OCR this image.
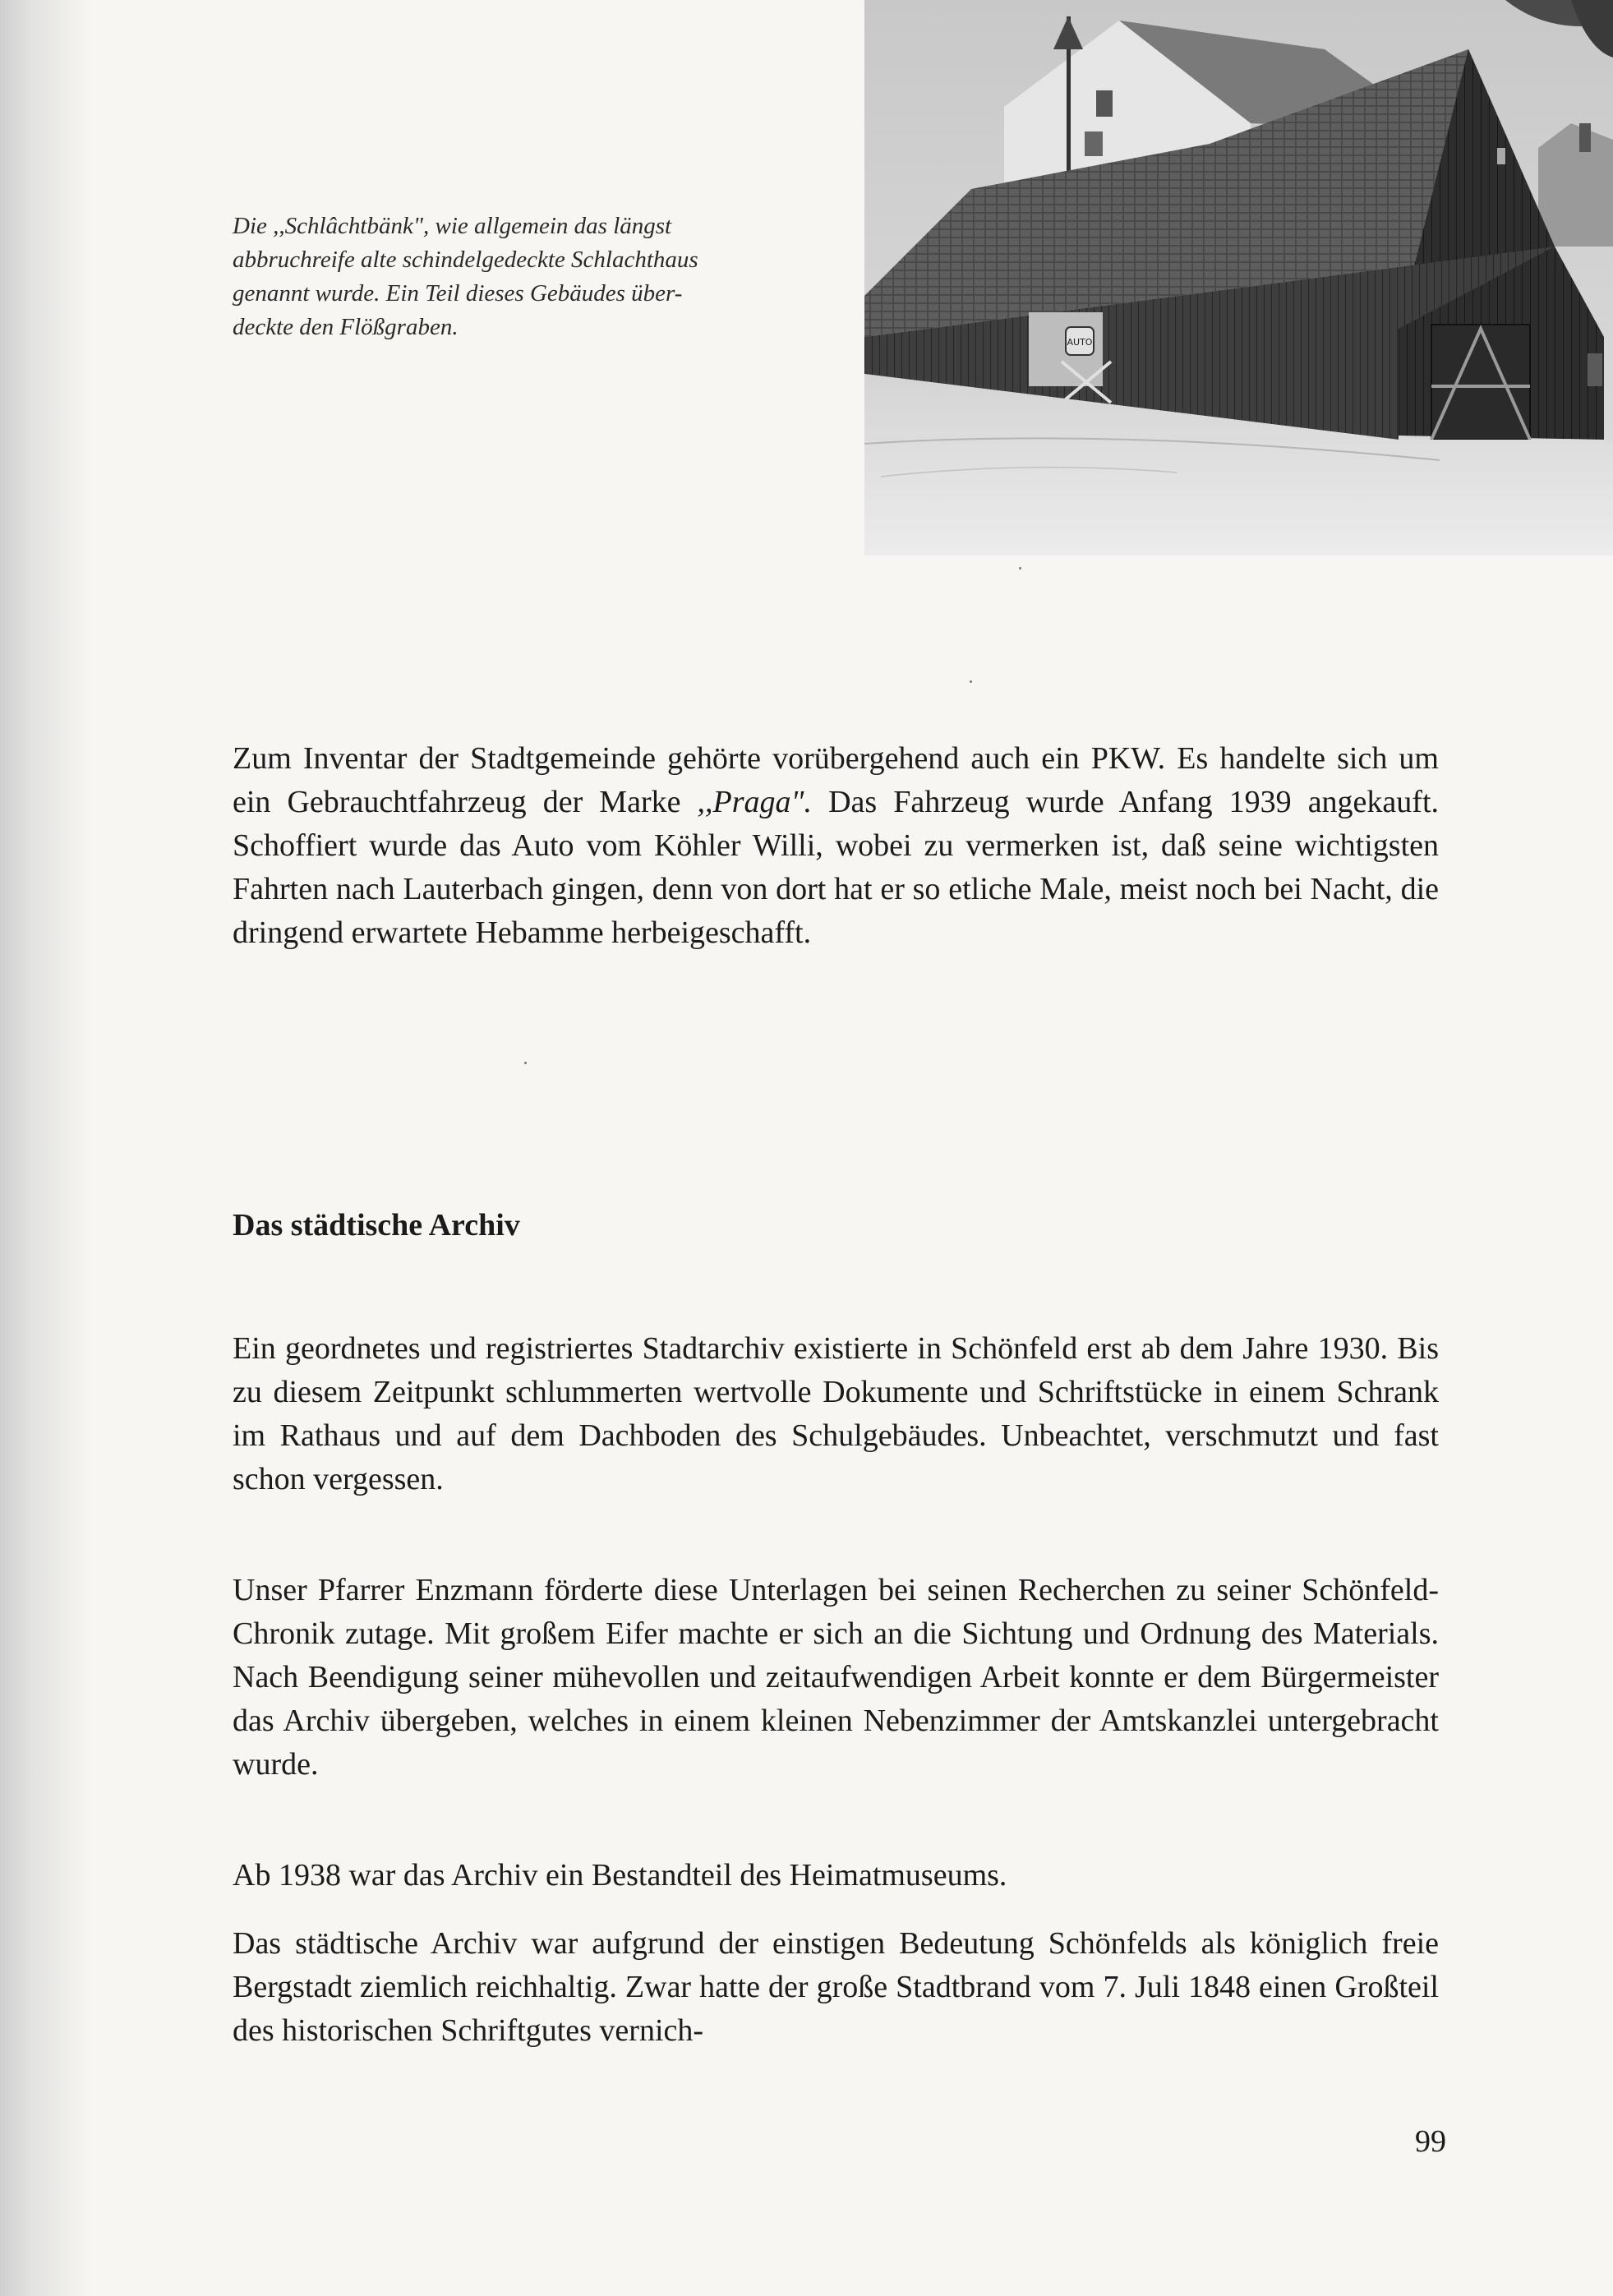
Die ,,Schlâchtbänk", wie allgemein das längst
abbruchreife alte schindelgedeckte Schlachthaus
genannt wurde. Ein Teil dieses Gebäudes über-
deckte den Flößgraben.
AUTO

Zum Inventar der Stadtgemeinde gehörte vorübergehend auch ein PKW. Es handelte sich um ein Gebrauchtfahrzeug der Marke ,,Praga". Das Fahrzeug wurde Anfang 1939 angekauft. Schoffiert wurde das Auto vom Köhler Willi, wobei zu vermerken ist, daß seine wichtigsten Fahrten nach Lauterbach gingen, denn von dort hat er so etliche Male, meist noch bei Nacht, die dringend erwartete Hebamme herbeigeschafft.

Das städtische Archiv

Ein geordnetes und registriertes Stadtarchiv existierte in Schönfeld erst ab dem Jahre 1930. Bis zu diesem Zeitpunkt schlummerten wertvolle Dokumente und Schriftstücke in einem Schrank im Rathaus und auf dem Dachboden des Schulgebäudes. Unbeachtet, verschmutzt und fast schon vergessen.

Unser Pfarrer Enzmann förderte diese Unterlagen bei seinen Recherchen zu seiner Schönfeld-Chronik zutage. Mit großem Eifer machte er sich an die Sichtung und Ordnung des Materials. Nach Beendigung seiner mühevollen und zeitaufwendigen Arbeit konnte er dem Bürgermeister das Archiv übergeben, welches in einem kleinen Nebenzimmer der Amtskanzlei untergebracht wurde.

Ab 1938 war das Archiv ein Bestandteil des Heimatmuseums.

Das städtische Archiv war aufgrund der einstigen Bedeutung Schönfelds als königlich freie Bergstadt ziemlich reichhaltig. Zwar hatte der große Stadtbrand vom 7. Juli 1848 einen Großteil des historischen Schriftgutes vernich-

99
